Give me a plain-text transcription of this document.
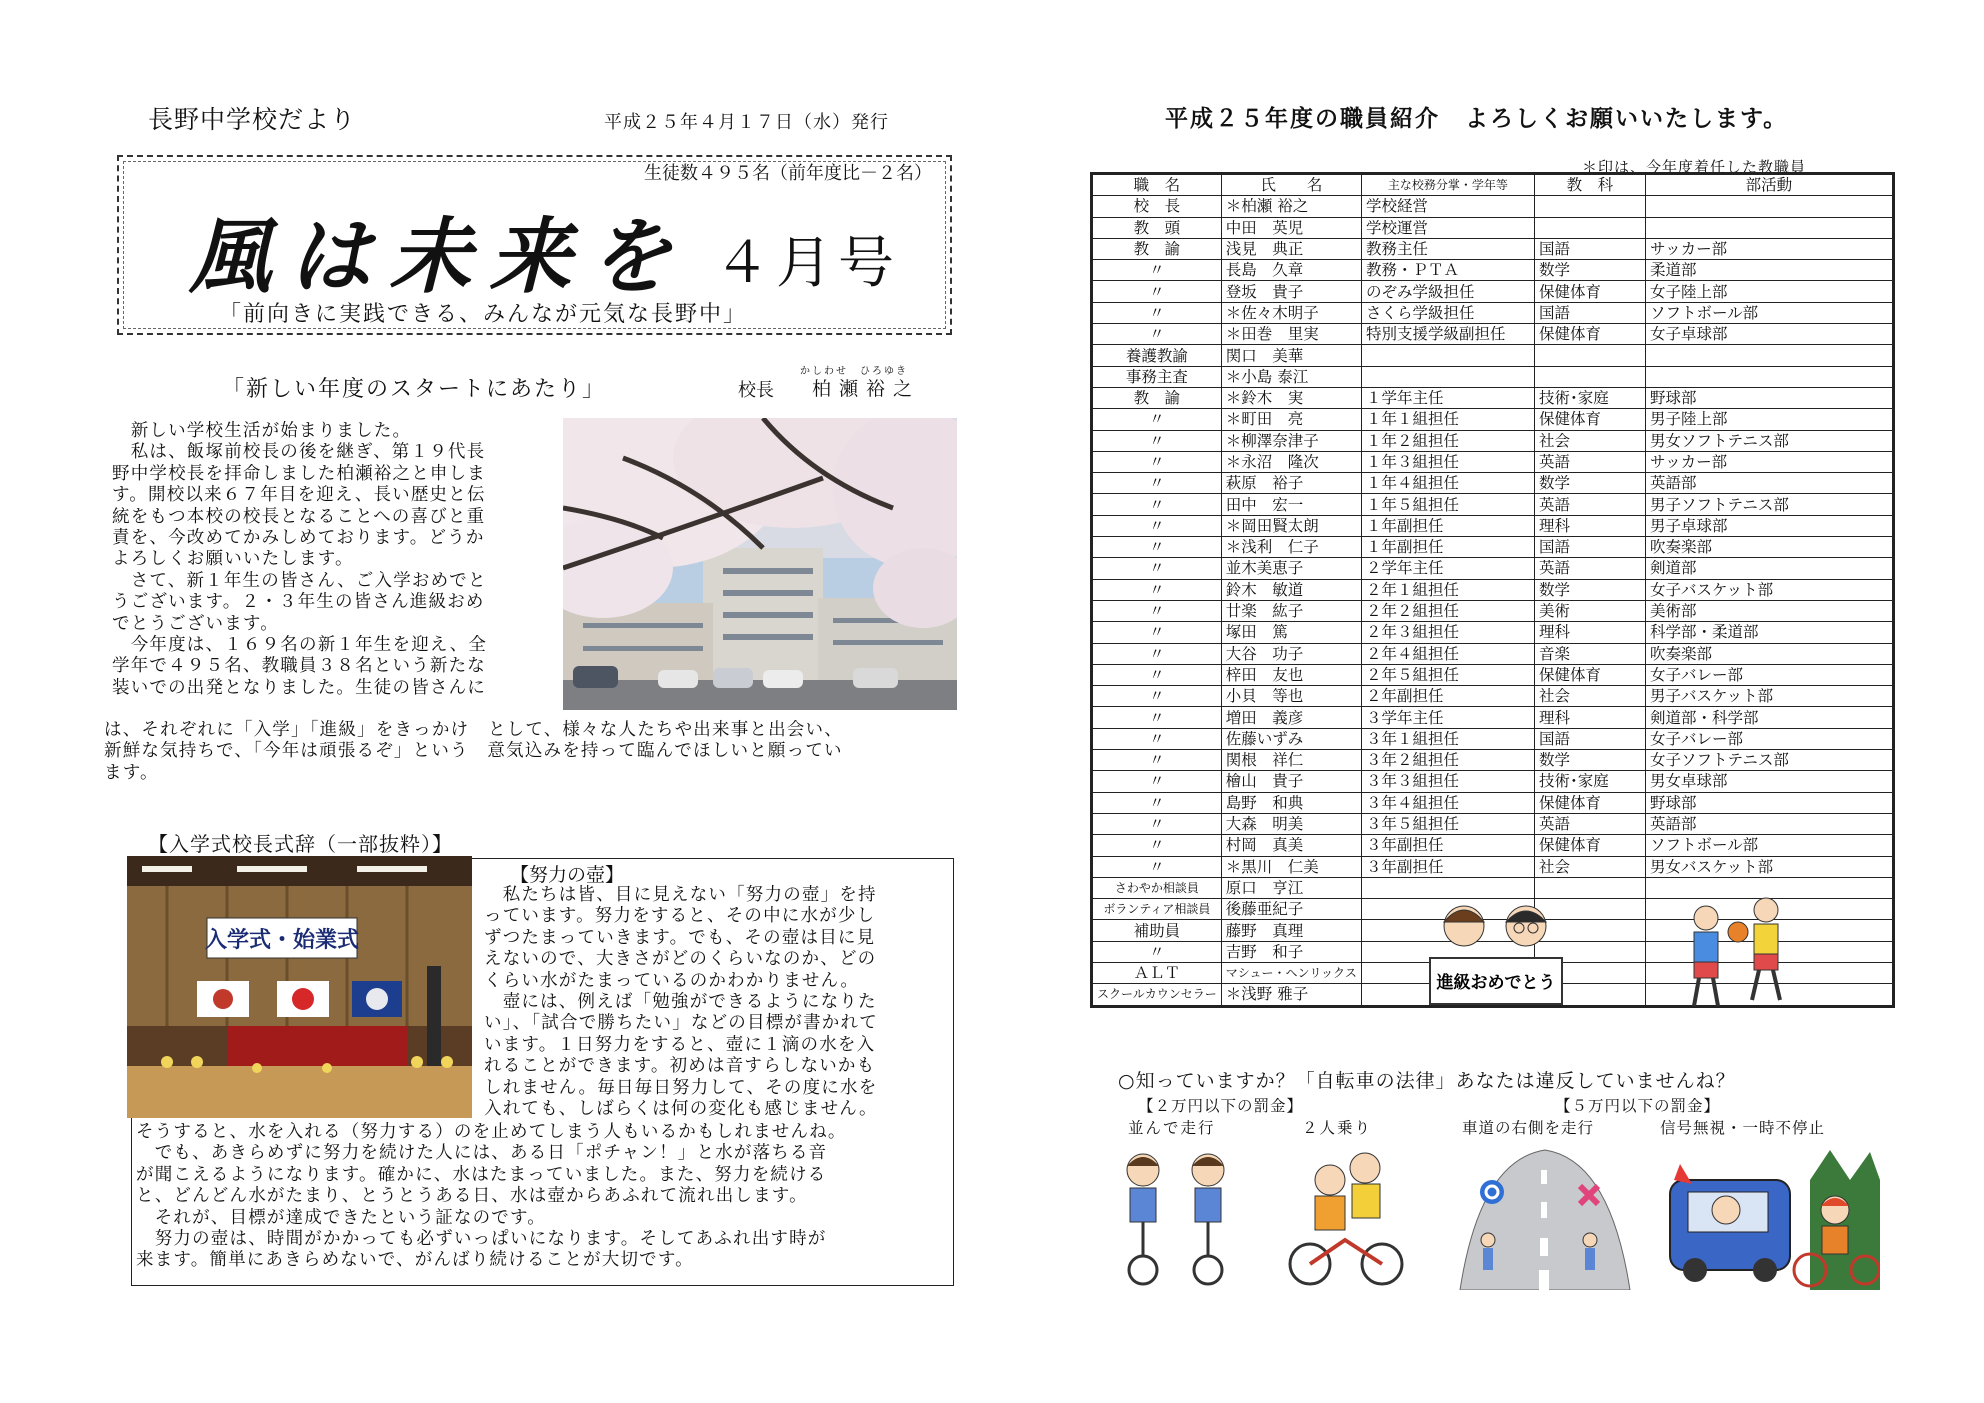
長野中学校だより	平成２５年４月１７日（水）発行
生徒数４９５名（前年度比－２名）
風は未来を ４月号
「前向きに実践できる、みんなが元気な長野中」
「新しい年度のスタートにあたり」	校長
かしわせ　ひろゆき
柏瀬裕之
　新しい学校生活が始まりました。
　私は、飯塚前校長の後を継ぎ、第１９代長
野中学校長を拝命しました柏瀬裕之と申しま
す。開校以来６７年目を迎え、長い歴史と伝
統をもつ本校の校長となることへの喜びと重
責を、今改めてかみしめております。どうか
よろしくお願いいたします。
　さて、新１年生の皆さん、ご入学おめでと
うございます。２・３年生の皆さん進級おめ
でとうございます。
　今年度は、１６９名の新１年生を迎え、全
学年で４９５名、教職員３８名という新たな
装いでの出発となりました。生徒の皆さんに
は、それぞれに「入学」「進級」をきっかけ　として、様々な人たちや出来事と出会い、
新鮮な気持ちで、「今年は頑張るぞ」という　意気込みを持って臨んでほしいと願ってい
ます。
【入学式校長式辞（一部抜粋）】
入学式・始業式
【努力の壺】
　私たちは皆、目に見えない「努力の壺」を持
っています。努力をすると、その中に水が少し
ずつたまっていきます。でも、その壺は目に見
えないので、大きさがどのくらいなのか、どの
くらい水がたまっているのかわかりません。
　壺には、例えば「勉強ができるようになりた
い」、「試合で勝ちたい」などの目標が書かれて
います。１日努力をすると、壺に１滴の水を入
れることができます。初めは音すらしないかも
しれません。毎日毎日努力して、その度に水を
入れても、しばらくは何の変化も感じません。
そうすると、水を入れる（努力する）のを止めてしまう人もいるかもしれませんね。
　でも、あきらめずに努力を続けた人には、ある日「ポチャン！」と水が落ちる音
が聞こえるようになります。確かに、水はたまっていました。また、努力を続ける
と、どんどん水がたまり、とうとうある日、水は壺からあふれて流れ出します。
　それが、目標が達成できたという証なのです。
　努力の壺は、時間がかかっても必ずいっぱいになります。そしてあふれ出す時が
来ます。簡単にあきらめないで、がんばり続けることが大切です。
平成２５年度の職員紹介　よろしくお願いいたします。
＊印は、今年度着任した教職員
職　名	氏　　名	主な校務分掌・学年等	教　科	部活動
校　長	＊柏瀬 裕之	学校経営		
教　頭	中田　英児	学校運営		
教　諭	浅見　典正	教務主任	国語	サッカー部
〃	長島　久章	教務・ＰＴＡ	数学	柔道部
〃	登坂　貴子	のぞみ学級担任	保健体育	女子陸上部
〃	＊佐々木明子	さくら学級担任	国語	ソフトボール部
〃	＊田巻　里実	特別支援学級副担任	保健体育	女子卓球部
養護教諭	関口　美華			
事務主査	＊小島 泰江			
教　諭	＊鈴木　実	１学年主任	技術･家庭	野球部
〃	＊町田　亮	１年１組担任	保健体育	男子陸上部
〃	＊柳澤奈津子	１年２組担任	社会	男女ソフトテニス部
〃	＊永沼　隆次	１年３組担任	英語	サッカー部
〃	萩原　裕子	１年４組担任	数学	英語部
〃	田中　宏一	１年５組担任	英語	男子ソフトテニス部
〃	＊岡田賢太朗	１年副担任	理科	男子卓球部
〃	＊浅利　仁子	１年副担任	国語	吹奏楽部
〃	並木美恵子	２学年主任	英語	剣道部
〃	鈴木　敏道	２年１組担任	数学	女子バスケット部
〃	廿楽　紘子	２年２組担任	美術	美術部
〃	塚田　篤	２年３組担任	理科	科学部・柔道部
〃	大谷　功子	２年４組担任	音楽	吹奏楽部
〃	梓田　友也	２年５組担任	保健体育	女子バレー部
〃	小貝　等也	２年副担任	社会	男子バスケット部
〃	増田　義彦	３学年主任	理科	剣道部・科学部
〃	佐藤いずみ	３年１組担任	国語	女子バレー部
〃	関根　祥仁	３年２組担任	数学	女子ソフトテニス部
〃	檜山　貴子	３年３組担任	技術･家庭	男女卓球部
〃	島野　和典	３年４組担任	保健体育	野球部
〃	大森　明美	３年５組担任	英語	英語部
〃	村岡　真美	３年副担任	保健体育	ソフトボール部
〃	＊黒川　仁美	３年副担任	社会	男女バスケット部
さわやか相談員	原口　亨江			
ボランティア相談員	後藤亜紀子			
補助員	藤野　真理			
〃	吉野　和子			
ＡＬＴ	マシュー・ヘンリックス			
スクールカウンセラー	＊浅野 雅子			
進級おめでとう
○知っていますか？「自転車の法律」あなたは違反していませんね？
【２万円以下の罰金】	【５万円以下の罰金】
並んで走行	２人乗り	車道の右側を走行	信号無視・一時不停止
